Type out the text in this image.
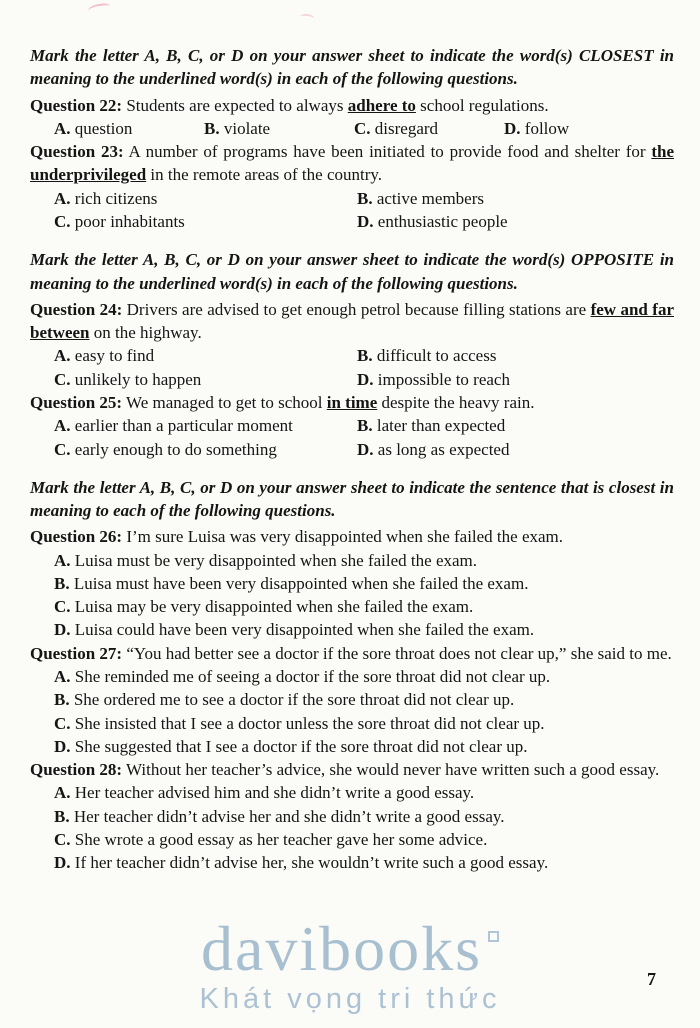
Mark the letter A, B, C, or D on your answer sheet to indicate the word(s) CLOSEST in meaning to the underlined word(s) in each of the following questions.

Question 22: Students are expected to always adhere to school regulations.

A. question	B. violate	C. disregard	D. follow

Question 23: A number of programs have been initiated to provide food and shelter for the underprivileged in the remote areas of the country.

A. rich citizens	B. active members
C. poor inhabitants	D. enthusiastic people

Mark the letter A, B, C, or D on your answer sheet to indicate the word(s) OPPOSITE in meaning to the underlined word(s) in each of the following questions.

Question 24: Drivers are advised to get enough petrol because filling stations are few and far between on the highway.

A. easy to find	B. difficult to access
C. unlikely to happen	D. impossible to reach

Question 25: We managed to get to school in time despite the heavy rain.

A. earlier than a particular moment	B. later than expected
C. early enough to do something	D. as long as expected

Mark the letter A, B, C, or D on your answer sheet to indicate the sentence that is closest in meaning to each of the following questions.

Question 26: I’m sure Luisa was very disappointed when she failed the exam.

A. Luisa must be very disappointed when she failed the exam.
B. Luisa must have been very disappointed when she failed the exam.
C. Luisa may be very disappointed when she failed the exam.
D. Luisa could have been very disappointed when she failed the exam.

Question 27: “You had better see a doctor if the sore throat does not clear up,” she said to me.

A. She reminded me of seeing a doctor if the sore throat did not clear up.
B. She ordered me to see a doctor if the sore throat did not clear up.
C. She insisted that I see a doctor unless the sore throat did not clear up.
D. She suggested that I see a doctor if the sore throat did not clear up.

Question 28: Without her teacher’s advice, she would never have written such a good essay.

A. Her teacher advised him and she didn’t write a good essay.
B. Her teacher didn’t advise her and she didn’t write a good essay.
C. She wrote a good essay as her teacher gave her some advice.
D. If her teacher didn’t advise her, she wouldn’t write such a good essay.
davibooks
Khát vọng tri thức
7
